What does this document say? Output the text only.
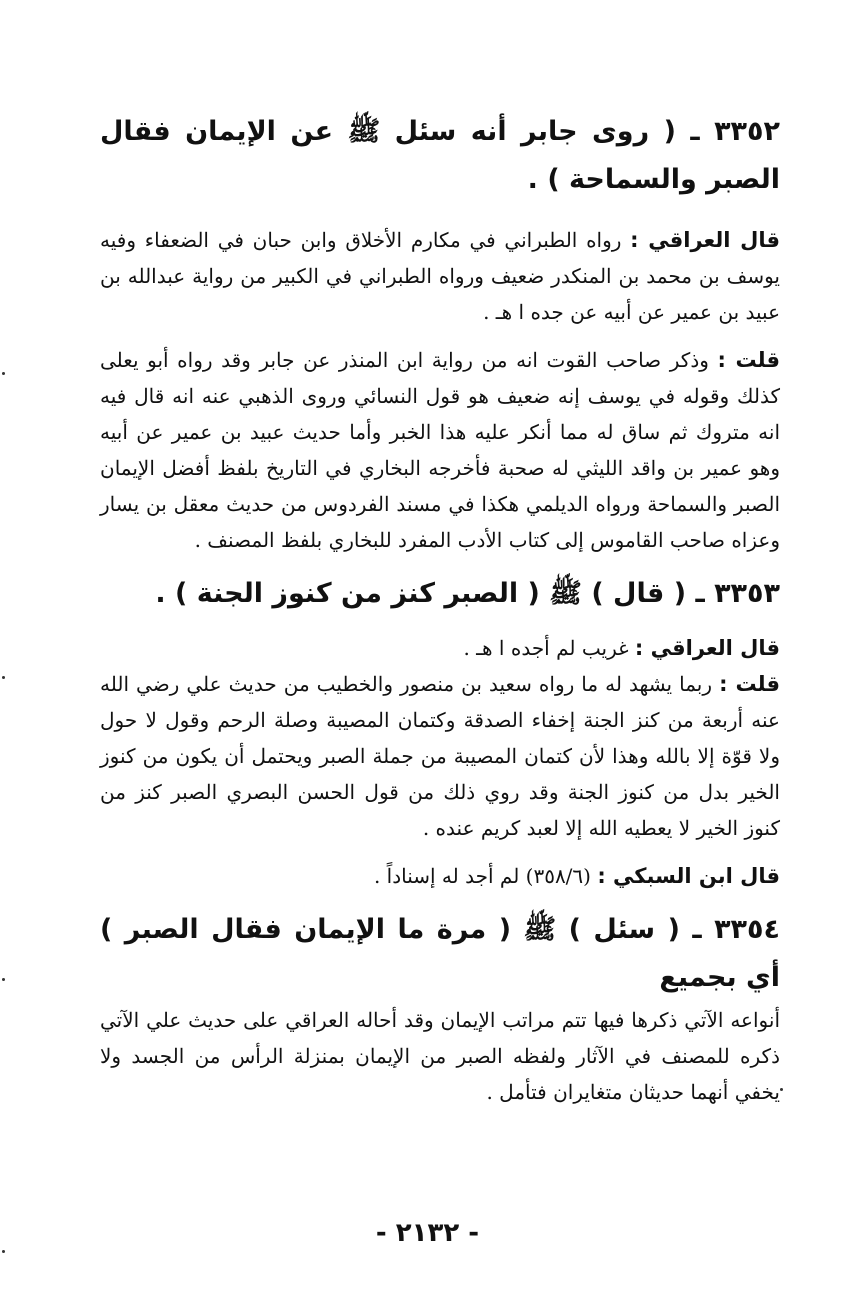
٣٣٥٢ ـ ( روى جابر أنه سئل ﷺ عن الإيمان فقال الصبر والسماحة ) .

قال العراقي : رواه الطبراني في مكارم الأخلاق وابن حبان في الضعفاء وفيه يوسف بن محمد بن المنكدر ضعيف ورواه الطبراني في الكبير من رواية عبدالله بن عبيد بن عمير عن أبيه عن جده ا هـ .

قلت : وذكر صاحب القوت انه من رواية ابن المنذر عن جابر وقد رواه أبو يعلى كذلك وقوله في يوسف إنه ضعيف هو قول النسائي وروى الذهبي عنه انه قال فيه انه متروك ثم ساق له مما أنكر عليه هذا الخبر وأما حديث عبيد بن عمير عن أبيه وهو عمير بن واقد الليثي له صحبة فأخرجه البخاري في التاريخ بلفظ أفضل الإيمان الصبر والسماحة ورواه الديلمي هكذا في مسند الفردوس من حديث معقل بن يسار وعزاه صاحب القاموس إلى كتاب الأدب المفرد للبخاري بلفظ المصنف .

٣٣٥٣ ـ ( قال ) ﷺ ( الصبر كنز من كنوز الجنة ) .

قال العراقي : غريب لم أجده ا هـ .

قلت : ربما يشهد له ما رواه سعيد بن منصور والخطيب من حديث علي رضي الله عنه أربعة من كنز الجنة إخفاء الصدقة وكتمان المصيبة وصلة الرحم وقول لا حول ولا قوّة إلا بالله وهذا لأن كتمان المصيبة من جملة الصبر ويحتمل أن يكون من كنوز الخير بدل من كنوز الجنة وقد روي ذلك من قول الحسن البصري الصبر كنز من كنوز الخير لا يعطيه الله إلا لعبد كريم عنده .

قال ابن السبكي : (٣٥٨/٦) لم أجد له إسناداً .

٣٣٥٤ ـ ( سئل ) ﷺ ( مرة ما الإيمان فقال الصبر ) أي بجميع

أنواعه الآتي ذكرها فيها تتم مراتب الإيمان وقد أحاله العراقي على حديث علي الآتي ذكره للمصنف في الآثار ولفظه الصبر من الإيمان بمنزلة الرأس من الجسد ولا يخفي أنهما حديثان متغايران فتأمل .

- ٢١٣٢ -
